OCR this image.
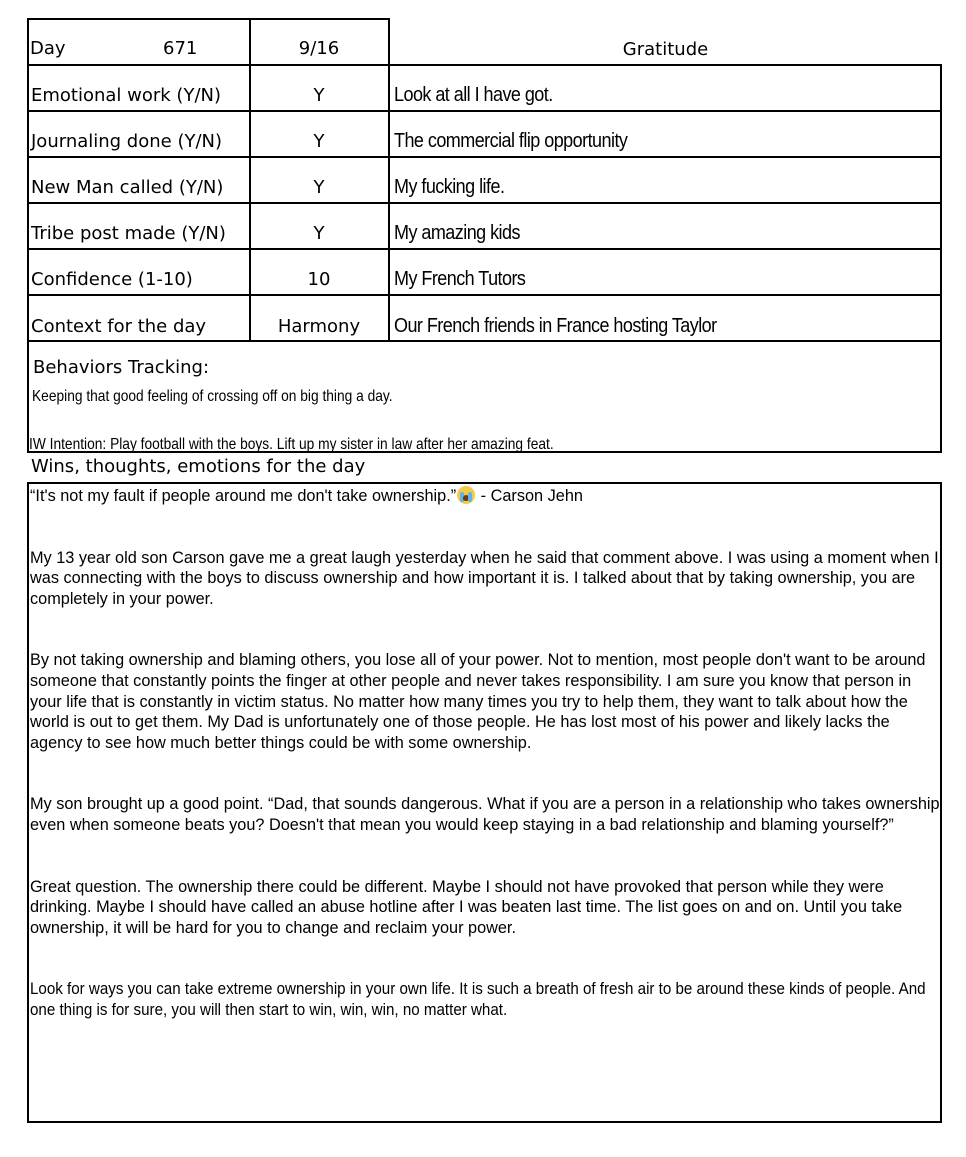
Day	671	9/16	Gratitude
Emotional work (Y/N)	Y	Look at all I have got.
Journaling done (Y/N)	Y	The commercial flip opportunity
New Man called (Y/N)	Y	My fucking life.
Tribe post made (Y/N)	Y	My amazing kids
Confidence (1-10)	10	My French Tutors
Context for the day	Harmony	Our French friends in France hosting Taylor
Behaviors Tracking:
Keeping that good feeling of crossing off on big thing a day.
IW Intention: Play football with the boys. Lift up my sister in law after her amazing feat.
Wins, thoughts, emotions for the day

“It's not my fault if people around me don't take ownership.”
- Carson Jehn

My 13 year old son Carson gave me a great laugh yesterday when he said that comment above. I was using a moment when I was connecting with the boys to discuss ownership and how important it is. I talked about that by taking ownership, you are completely in your power.

By not taking ownership and blaming others, you lose all of your power. Not to mention, most people don't want to be around someone that constantly points the finger at other people and never takes responsibility. I am sure you know that person in your life that is constantly in victim status. No matter how many times you try to help them, they want to talk about how the world is out to get them. My Dad is unfortunately one of those people. He has lost most of his power and likely lacks the agency to see how much better things could be with some ownership.

My son brought up a good point. “Dad, that sounds dangerous. What if you are a person in a relationship who takes ownership even when someone beats you? Doesn't that mean you would keep staying in a bad relationship and blaming yourself?”

Great question. The ownership there could be different. Maybe I should not have provoked that person while they were drinking. Maybe I should have called an abuse hotline after I was beaten last time. The list goes on and on. Until you take ownership, it will be hard for you to change and reclaim your power.

Look for ways you can take extreme ownership in your own life. It is such a breath of fresh air to be around these kinds of people. And one thing is for sure, you will then start to win, win, win, no matter what.
